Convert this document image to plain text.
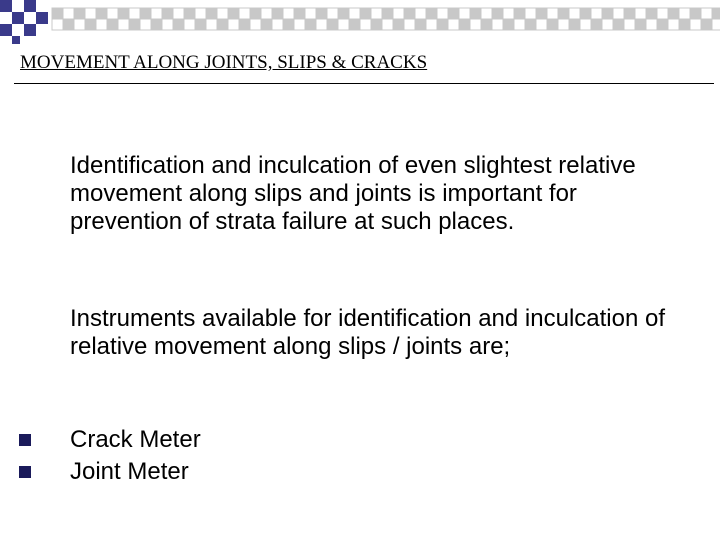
MOVEMENT ALONG JOINTS, SLIPS & CRACKS
Identification and inculcation of even slightest relative movement along slips and joints is important for prevention of strata failure at such places.
Instruments available for identification and inculcation of relative movement along slips / joints are;
Crack Meter
Joint Meter
